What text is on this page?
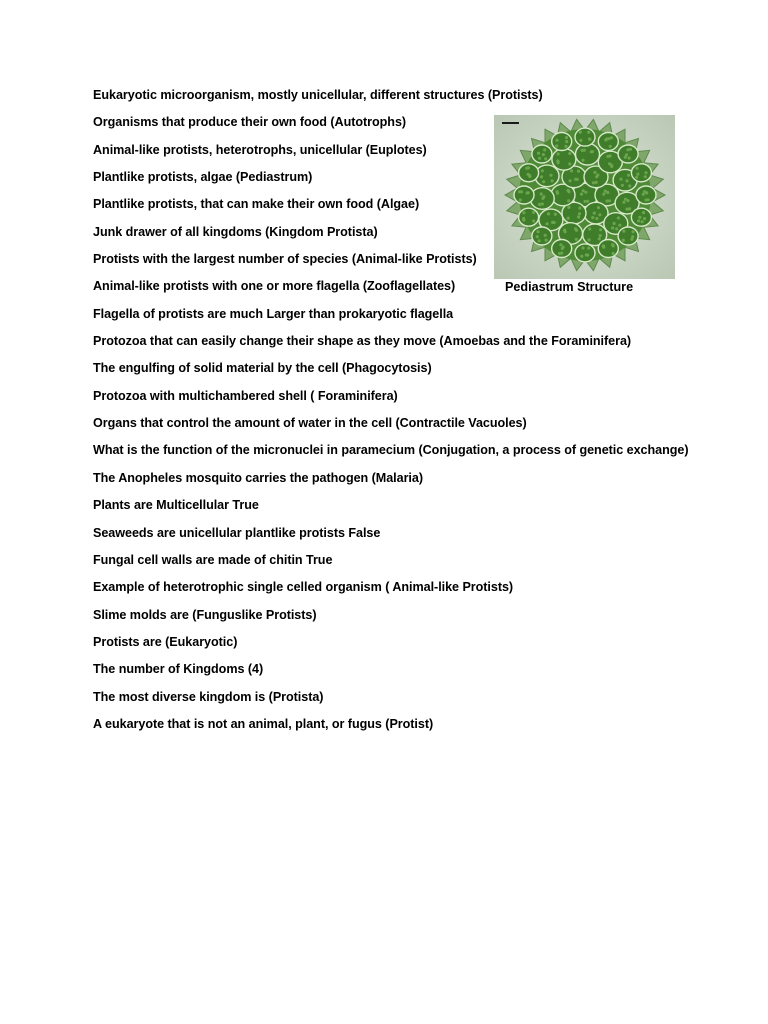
Eukaryotic microorganism, mostly unicellular, different structures (Protists)
Organisms that produce their own food (Autotrophs)
Animal-like protists, heterotrophs, unicellular (Euplotes)
Plantlike protists, algae (Pediastrum)
Plantlike protists, that can make their own food (Algae)
Junk drawer of all kingdoms (Kingdom Protista)
Protists with the largest number of species (Animal-like Protists)
Animal-like protists with one or more flagella (Zooflagellates)
Flagella of protists are much Larger than prokaryotic flagella
Protozoa that can easily change their shape as they move (Amoebas and the Foraminifera)
The engulfing of solid material by the cell (Phagocytosis)
Protozoa with multichambered shell ( Foraminifera)
Organs that control the amount of water in the cell (Contractile Vacuoles)
What is the function of the micronuclei in paramecium (Conjugation, a process of genetic exchange)
The Anopheles mosquito carries the pathogen (Malaria)
Plants are Multicellular True
Seaweeds are unicellular plantlike protists False
Fungal cell walls are made of chitin True
Example of heterotrophic single celled organism ( Animal-like Protists)
Slime molds are (Funguslike Protists)
Protists are (Eukaryotic)
The number of Kingdoms (4)
The most diverse kingdom is (Protista)
A eukaryote that is not an animal, plant, or fugus (Protist)
Pediastrum Structure
